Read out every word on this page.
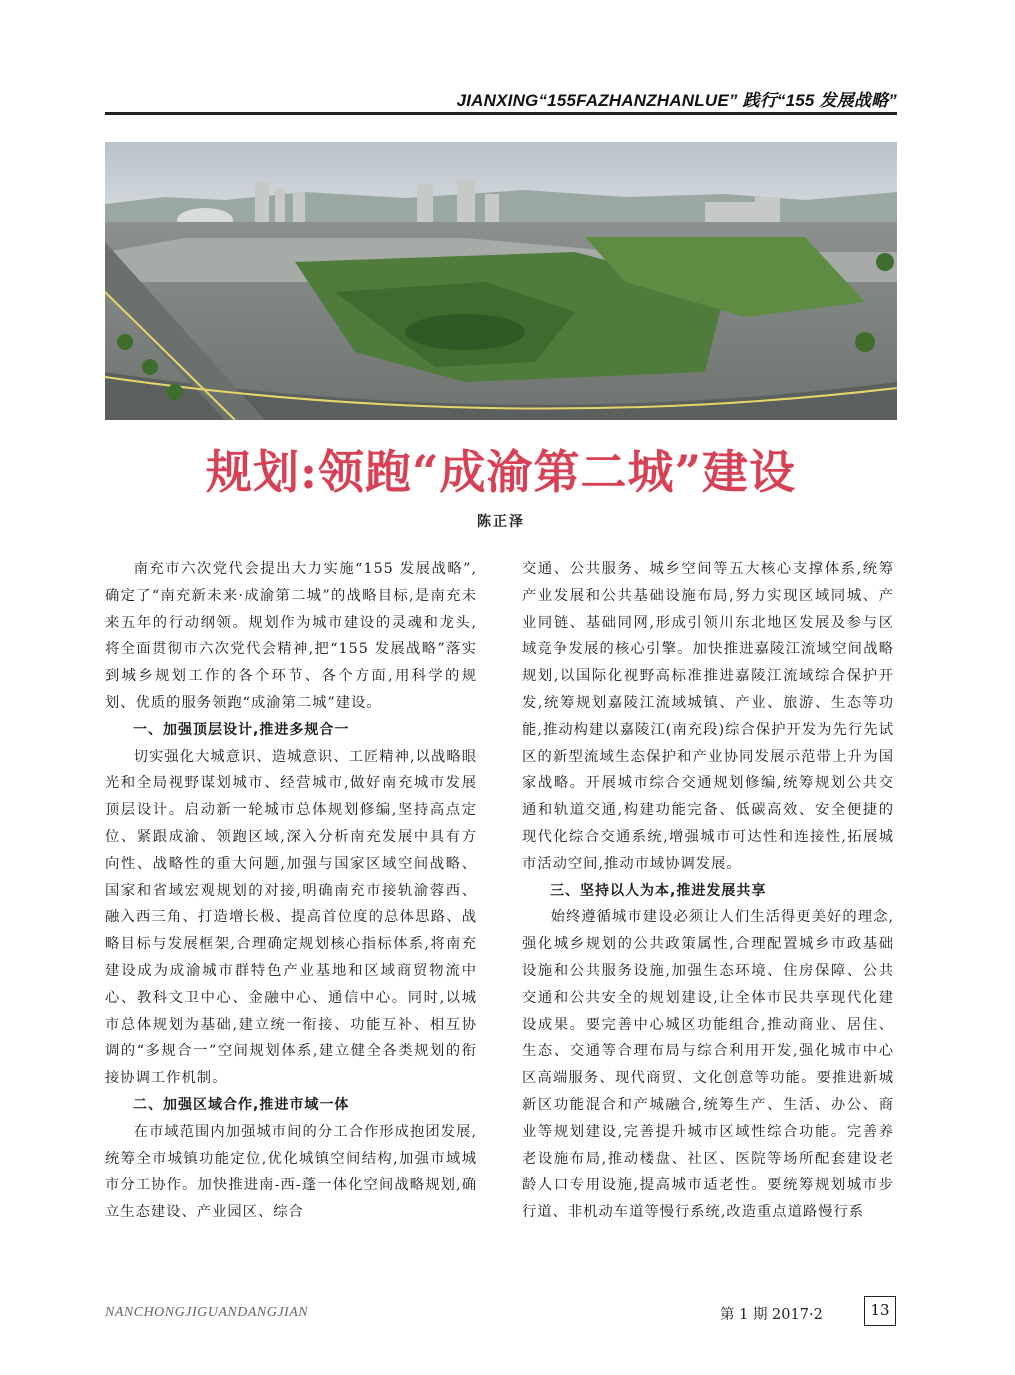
JIANXING“155FAZHANZHANLUE” 践行“155 发展战略”
规划:领跑“成渝第二城”建设
陈正泽

南充市六次党代会提出大力实施“155 发展战略”,确定了“南充新未来·成渝第二城”的战略目标,是南充未来五年的行动纲领。规划作为城市建设的灵魂和龙头,将全面贯彻市六次党代会精神,把“155 发展战略”落实到城乡规划工作的各个环节、各个方面,用科学的规划、优质的服务领跑“成渝第二城”建设。

一、加强顶层设计,推进多规合一

切实强化大城意识、造城意识、工匠精神,以战略眼光和全局视野谋划城市、经营城市,做好南充城市发展顶层设计。启动新一轮城市总体规划修编,坚持高点定位、紧跟成渝、领跑区域,深入分析南充发展中具有方向性、战略性的重大问题,加强与国家区域空间战略、国家和省域宏观规划的对接,明确南充市接轨渝蓉西、融入西三角、打造增长极、提高首位度的总体思路、战略目标与发展框架,合理确定规划核心指标体系,将南充建设成为成渝城市群特色产业基地和区域商贸物流中心、教科文卫中心、金融中心、通信中心。同时,以城市总体规划为基础,建立统一衔接、功能互补、相互协调的“多规合一”空间规划体系,建立健全各类规划的衔接协调工作机制。

二、加强区域合作,推进市域一体

在市域范围内加强城市间的分工合作形成抱团发展,统筹全市城镇功能定位,优化城镇空间结构,加强市域城市分工协作。加快推进南-西-蓬一体化空间战略规划,确立生态建设、产业园区、综合

交通、公共服务、城乡空间等五大核心支撑体系,统筹产业发展和公共基础设施布局,努力实现区域同城、产业同链、基础同网,形成引领川东北地区发展及参与区域竞争发展的核心引擎。加快推进嘉陵江流域空间战略规划,以国际化视野高标准推进嘉陵江流域综合保护开发,统筹规划嘉陵江流域城镇、产业、旅游、生态等功能,推动构建以嘉陵江(南充段)综合保护开发为先行先试区的新型流域生态保护和产业协同发展示范带上升为国家战略。开展城市综合交通规划修编,统筹规划公共交通和轨道交通,构建功能完备、低碳高效、安全便捷的现代化综合交通系统,增强城市可达性和连接性,拓展城市活动空间,推动市域协调发展。

三、坚持以人为本,推进发展共享

始终遵循城市建设必须让人们生活得更美好的理念,强化城乡规划的公共政策属性,合理配置城乡市政基础设施和公共服务设施,加强生态环境、住房保障、公共交通和公共安全的规划建设,让全体市民共享现代化建设成果。要完善中心城区功能组合,推动商业、居住、生态、交通等合理布局与综合利用开发,强化城市中心区高端服务、现代商贸、文化创意等功能。要推进新城新区功能混合和产城融合,统筹生产、生活、办公、商业等规划建设,完善提升城市区域性综合功能。完善养老设施布局,推动楼盘、社区、医院等场所配套建设老龄人口专用设施,提高城市适老性。要统筹规划城市步行道、非机动车道等慢行系统,改造重点道路慢行系

NANCHONGJIGUANDANGJIAN	第 1 期 2017·2	13
